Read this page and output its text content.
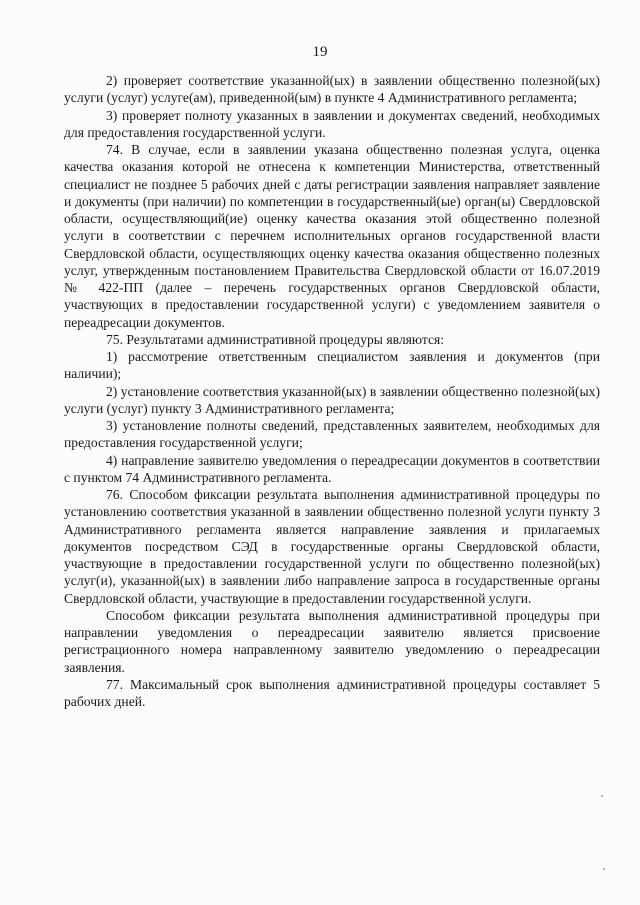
19

2) проверяет соответствие указанной(ых) в заявлении общественно полезной(ых) услуги (услуг) услуге(ам), приведенной(ым) в пункте 4 Административного регламента;

3) проверяет полноту указанных в заявлении и документах сведений, необходимых для предоставления государственной услуги.

74. В случае, если в заявлении указана общественно полезная услуга, оценка качества оказания которой не отнесена к компетенции Министерства, ответственный специалист не позднее 5 рабочих дней с даты регистрации заявления направляет заявление и документы (при наличии) по компетенции в государственный(ые) орган(ы) Свердловской области, осуществляющий(ие) оценку качества оказания этой общественно полезной услуги в соответствии с перечнем исполнительных органов государственной власти Свердловской области, осуществляющих оценку качества оказания общественно полезных услуг, утвержденным постановлением Правительства Свердловской области от 16.07.2019 № 422-ПП (далее – перечень государственных органов Свердловской области, участвующих в предоставлении государственной услуги) с уведомлением заявителя о переадресации документов.

75. Результатами административной процедуры являются:

1) рассмотрение ответственным специалистом заявления и документов (при наличии);

2) установление соответствия указанной(ых) в заявлении общественно полезной(ых) услуги (услуг) пункту 3 Административного регламента;

3) установление полноты сведений, представленных заявителем, необходимых для предоставления государственной услуги;

4) направление заявителю уведомления о переадресации документов в соответствии с пунктом 74 Административного регламента.

76. Способом фиксации результата выполнения административной процедуры по установлению соответствия указанной в заявлении общественно полезной услуги пункту 3 Административного регламента является направление заявления и прилагаемых документов посредством СЭД в государственные органы Свердловской области, участвующие в предоставлении государственной услуги по общественно полезной(ых) услуг(и), указанной(ых) в заявлении либо направление запроса в государственные органы Свердловской области, участвующие в предоставлении государственной услуги.

Способом фиксации результата выполнения административной процедуры при направлении уведомления о переадресации заявителю является присвоение регистрационного номера направленному заявителю уведомлению о переадресации заявления.

77. Максимальный срок выполнения административной процедуры составляет 5 рабочих дней.
